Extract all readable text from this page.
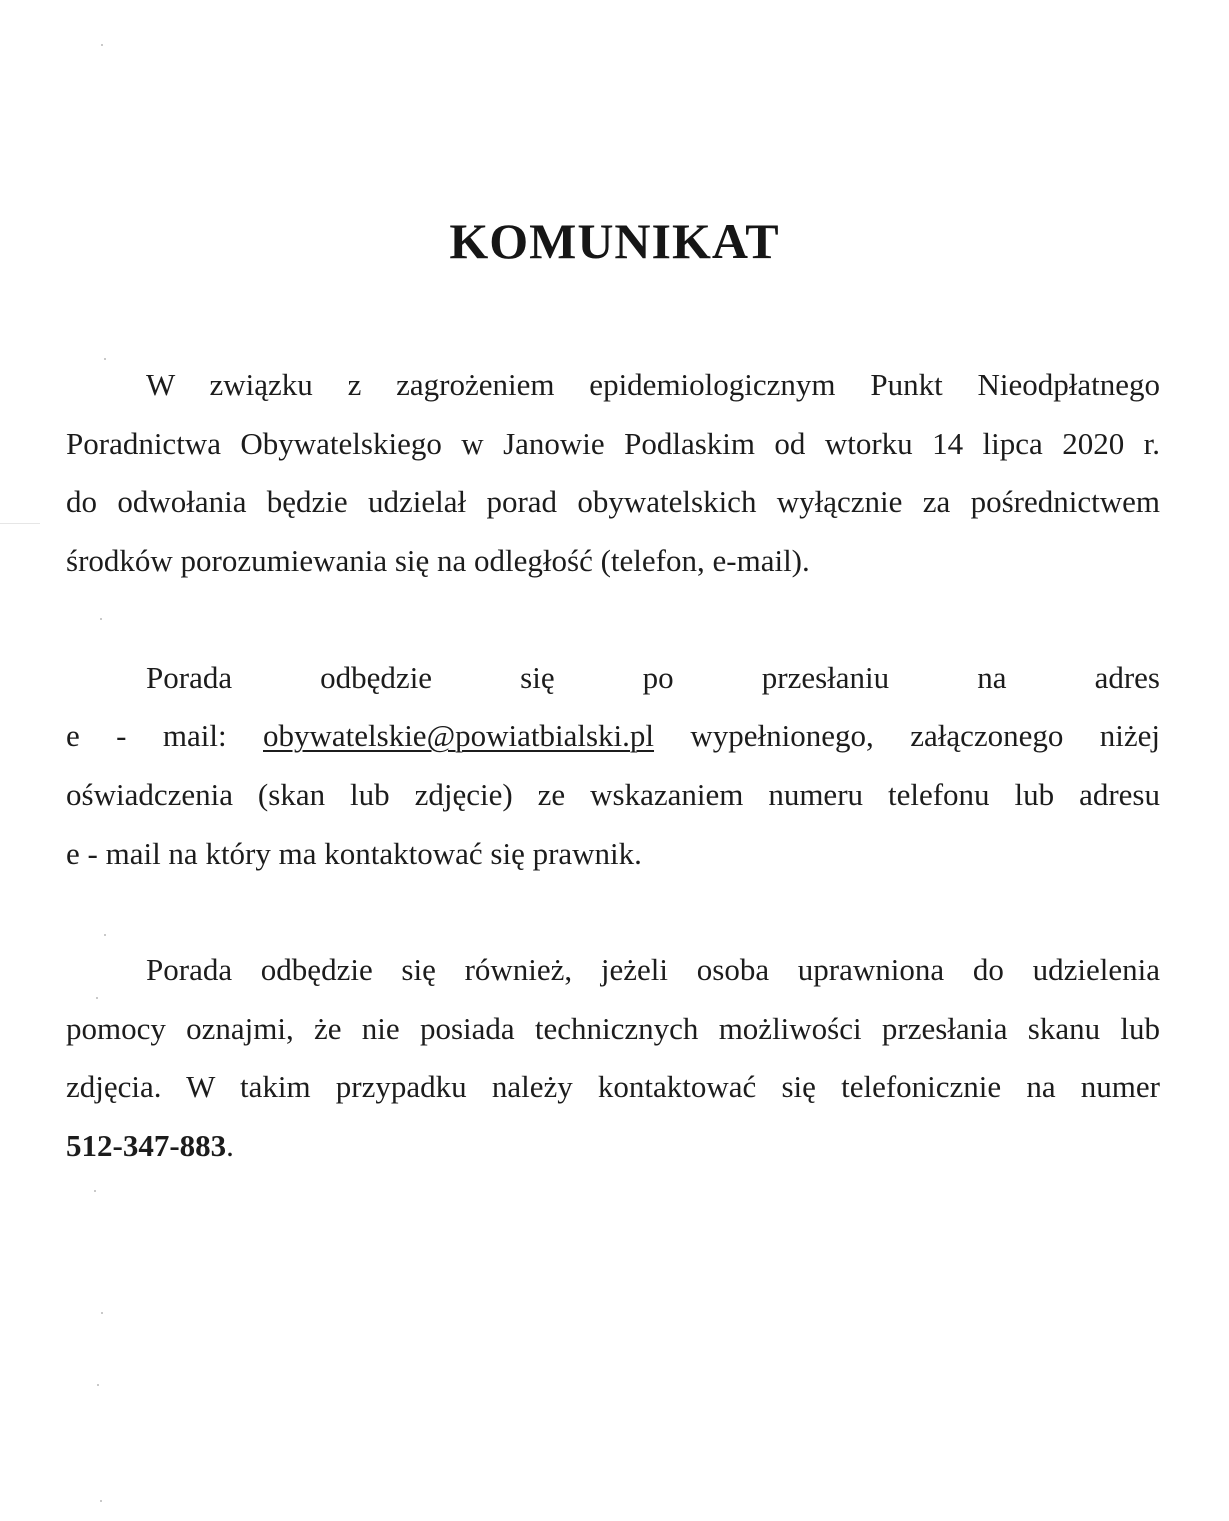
KOMUNIKAT
W związku z zagrożeniem epidemiologicznym Punkt Nieodpłatnego
Poradnictwa Obywatelskiego w Janowie Podlaskim od wtorku 14 lipca 2020 r.
do odwołania będzie udzielał porad obywatelskich wyłącznie za pośrednictwem
środków porozumiewania się na odległość (telefon, e-mail).
Porada odbędzie się po przesłaniu na adres
e - mail: obywatelskie@powiatbialski.pl wypełnionego, załączonego niżej
oświadczenia (skan lub zdjęcie) ze wskazaniem numeru telefonu lub adresu
e - mail na który ma kontaktować się prawnik.
Porada odbędzie się również, jeżeli osoba uprawniona do udzielenia
pomocy oznajmi, że nie posiada technicznych możliwości przesłania skanu lub
zdjęcia. W takim przypadku należy kontaktować się telefonicznie na numer
512-347-883.
